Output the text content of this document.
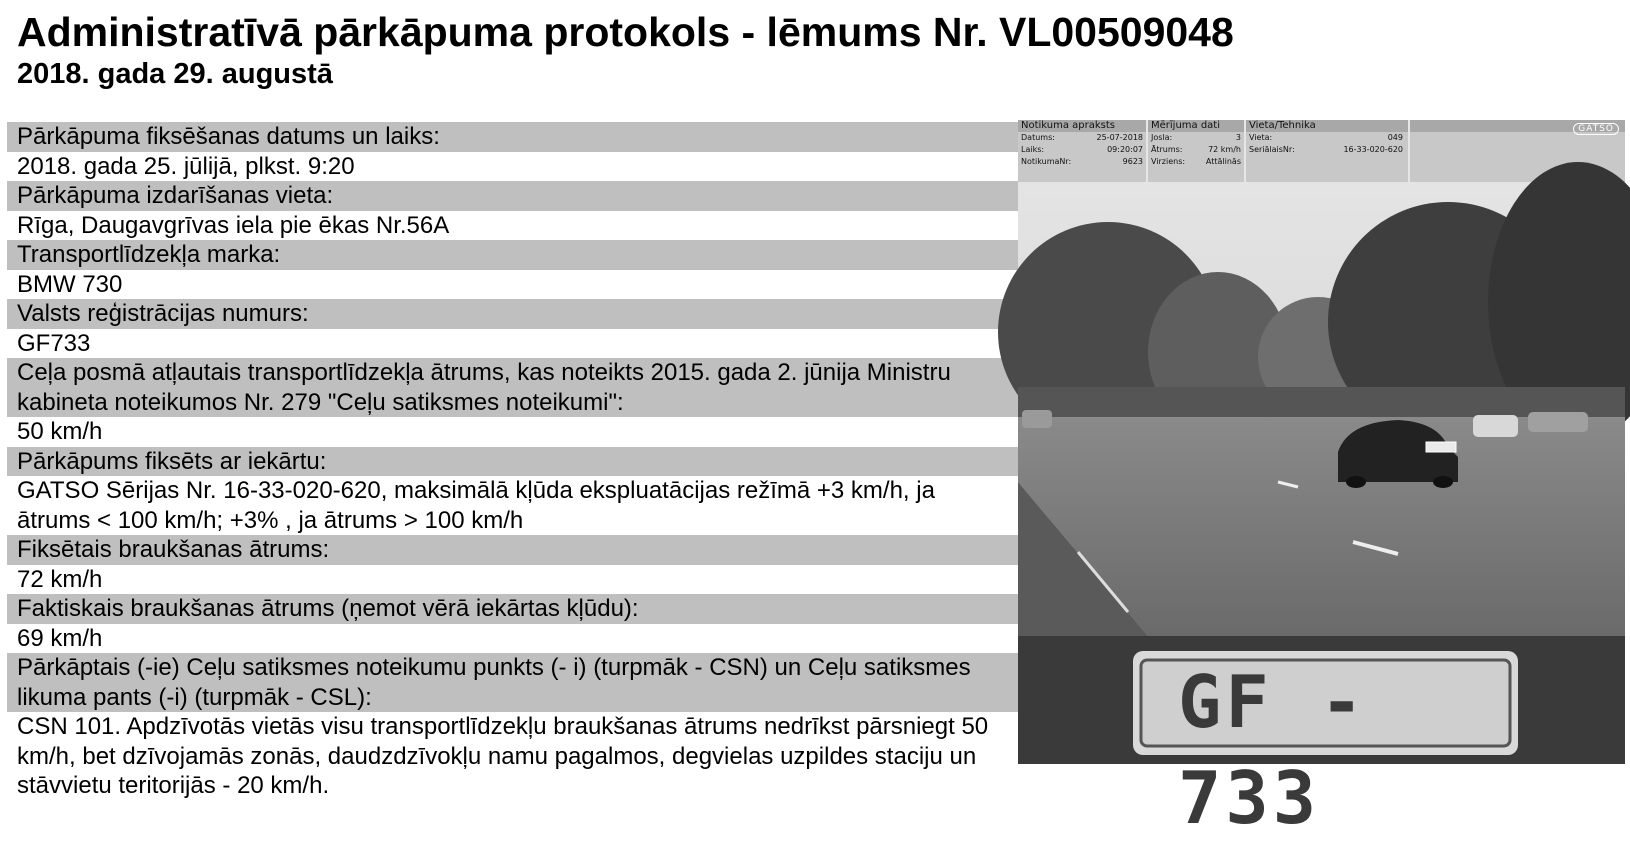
Administratīvā pārkāpuma protokols - lēmums Nr. VL00509048
2018. gada 29. augustā
Pārkāpuma fiksēšanas datums un laiks:
2018. gada 25. jūlijā, plkst. 9:20
Pārkāpuma izdarīšanas vieta:
Rīga, Daugavgrīvas iela pie ēkas Nr.56A
Transportlīdzekļa marka:
BMW 730
Valsts reģistrācijas numurs:
GF733
Ceļa posmā atļautais transportlīdzekļa ātrums, kas noteikts 2015. gada 2. jūnija Ministru kabineta noteikumos Nr. 279 "Ceļu satiksmes noteikumi":
50 km/h
Pārkāpums fiksēts ar iekārtu:
GATSO Sērijas Nr. 16-33-020-620, maksimālā kļūda ekspluatācijas režīmā +3 km/h, ja ātrums < 100 km/h; +3% , ja ātrums > 100 km/h
Fiksētais braukšanas ātrums:
72 km/h
Faktiskais braukšanas ātrums (ņemot vērā iekārtas kļūdu):
69 km/h
Pārkāptais (-ie) Ceļu satiksmes noteikumu punkts (- i) (turpmāk - CSN) un Ceļu satiksmes likuma pants (-i) (turpmāk - CSL):
CSN 101. Apdzīvotās vietās visu transportlīdzekļu braukšanas ātrums nedrīkst pārsniegt 50 km/h, bet dzīvojamās zonās, daudzdzīvokļu namu pagalmos, degvielas uzpildes staciju un stāvvietu teritorijās - 20 km/h.
Notikuma apraksts
Datums:	25-07-2018
Laiks:	09:20:07
NotikumaNr:	9623
Mērījuma dati
Josla:	3
Ātrums:	72 km/h
Virziens:	Attālinās
Vieta/Tehnika
Vieta:	049
SeriālaisNr:	16-33-020-620
GATSO
GF - 733
